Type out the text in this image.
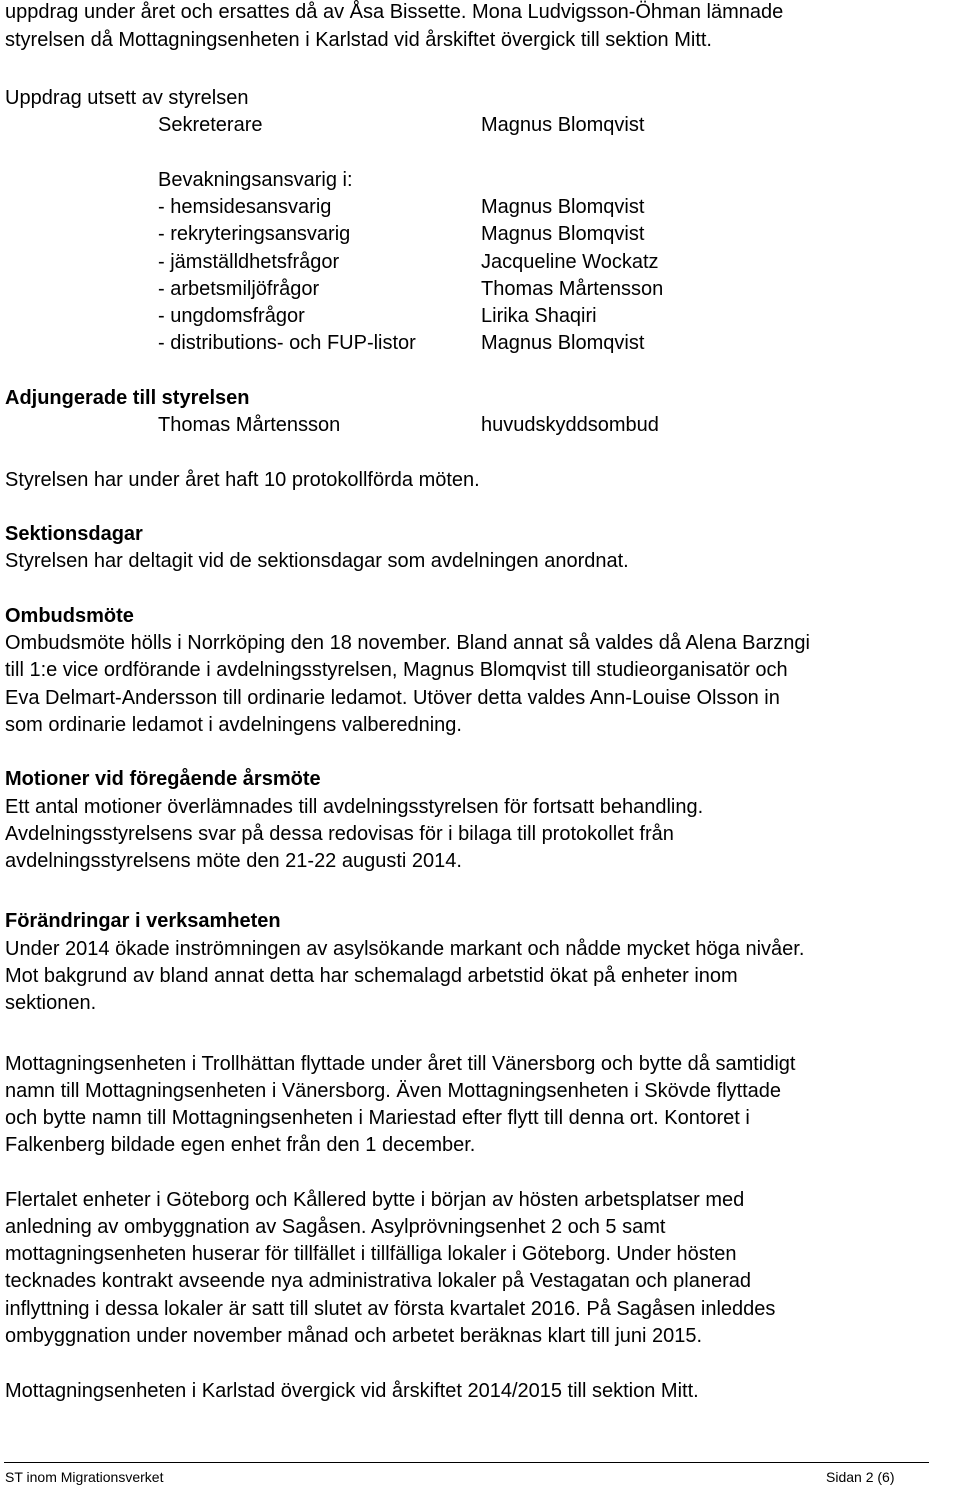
uppdrag under året och ersattes då av Åsa Bissette. Mona Ludvigsson-Öhman lämnade
styrelsen då Mottagningsenheten i Karlstad vid årskiftet övergick till sektion Mitt.
Uppdrag utsett av styrelsen
Sekreterare	Magnus Blomqvist
Bevakningsansvarig i:
- hemsidesansvarig	Magnus Blomqvist
- rekryteringsansvarig	Magnus Blomqvist
- jämställdhetsfrågor	Jacqueline Wockatz
- arbetsmiljöfrågor	Thomas Mårtensson
- ungdomsfrågor	Lirika Shaqiri
- distributions- och FUP-listor	Magnus Blomqvist
Adjungerade till styrelsen
Thomas Mårtensson	huvudskyddsombud
Styrelsen har under året haft 10 protokollförda möten.
Sektionsdagar
Styrelsen har deltagit vid de sektionsdagar som avdelningen anordnat.
Ombudsmöte
Ombudsmöte hölls i Norrköping den 18 november. Bland annat så valdes då Alena Barzngi
till 1:e vice ordförande i avdelningsstyrelsen, Magnus Blomqvist till studieorganisatör och
Eva Delmart-Andersson till ordinarie ledamot. Utöver detta valdes Ann-Louise Olsson in
som ordinarie ledamot i avdelningens valberedning.
Motioner vid föregående årsmöte
Ett antal motioner överlämnades till avdelningsstyrelsen för fortsatt behandling.
Avdelningsstyrelsens svar på dessa redovisas för i bilaga till protokollet från
avdelningsstyrelsens möte den 21-22 augusti 2014.
Förändringar i verksamheten
Under 2014 ökade inströmningen av asylsökande markant och nådde mycket höga nivåer.
Mot bakgrund av bland annat detta har schemalagd arbetstid ökat på enheter inom
sektionen.
Mottagningsenheten i Trollhättan flyttade under året till Vänersborg och bytte då samtidigt
namn till Mottagningsenheten i Vänersborg. Även Mottagningsenheten i Skövde flyttade
och bytte namn till Mottagningsenheten i Mariestad efter flytt till denna ort. Kontoret i
Falkenberg bildade egen enhet från den 1 december.
Flertalet enheter i Göteborg och Kållered bytte i början av hösten arbetsplatser med
anledning av ombyggnation av Sagåsen. Asylprövningsenhet 2 och 5 samt
mottagningsenheten huserar för tillfället i tillfälliga lokaler i Göteborg. Under hösten
tecknades kontrakt avseende nya administrativa lokaler på Vestagatan och planerad
inflyttning i dessa lokaler är satt till slutet av första kvartalet 2016. På Sagåsen inleddes
ombyggnation under november månad och arbetet beräknas klart till juni 2015.
Mottagningsenheten i Karlstad övergick vid årskiftet 2014/2015 till sektion Mitt.
ST inom Migrationsverket	Sidan 2 (6)
